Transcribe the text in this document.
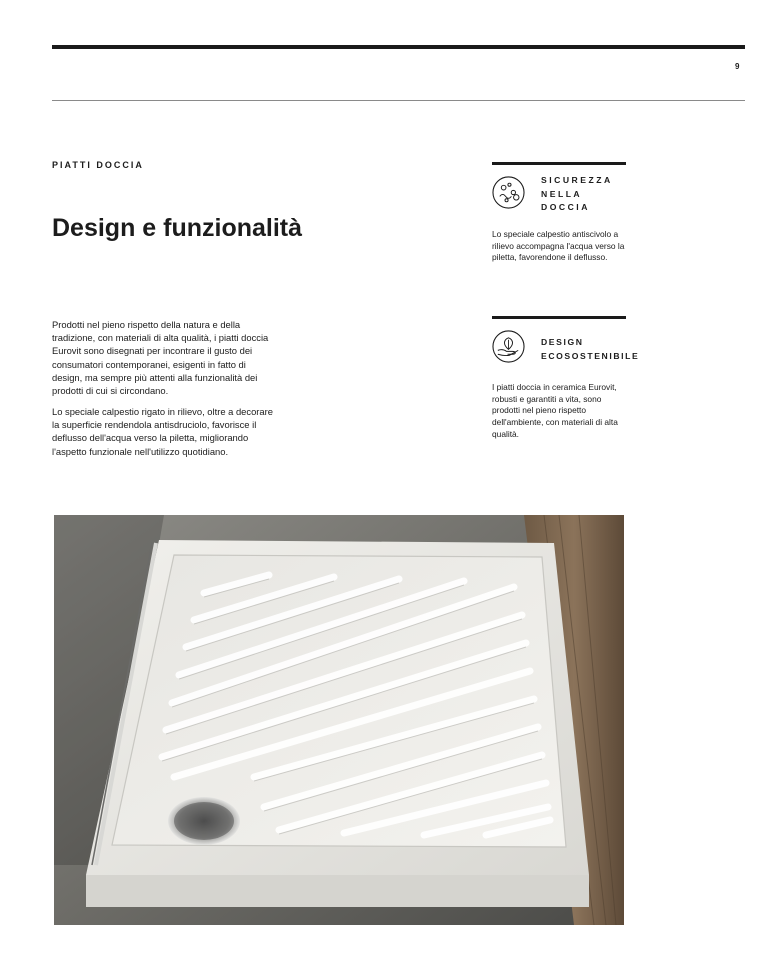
9
PIATTI DOCCIA
Design e funzionalità

Prodotti nel pieno rispetto della natura e della tradizione, con materiali di alta qualità, i piatti doccia Eurovit sono disegnati per incontrare il gusto dei consumatori contemporanei, esigenti in fatto di design, ma sempre più attenti alla funzionalità dei prodotti di cui si circondano.

Lo speciale calpestio rigato in rilievo, oltre a decorare la superficie rendendola antisdruciolo, favorisce il deflusso dell'acqua verso la piletta, migliorando l'aspetto funzionale nell'utilizzo quotidiano.

SICUREZZA
NELLA
DOCCIA

Lo speciale calpestio antiscivolo a rilievo accompagna l'acqua verso la piletta, favorendone il deflusso.

DESIGN
ECOSOSTENIBILE

I piatti doccia in ceramica Eurovit, robusti e garantiti a vita, sono prodotti nel pieno rispetto dell'ambiente, con materiali di alta qualità.
